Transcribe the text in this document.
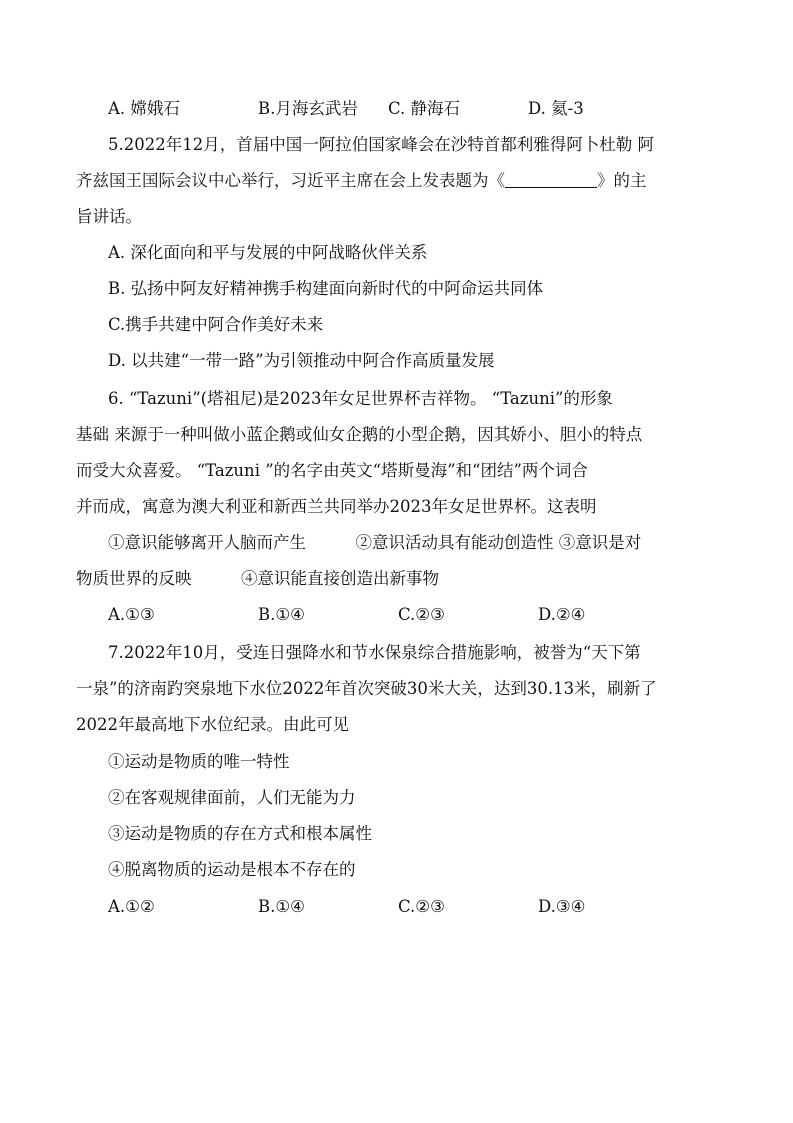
A. 嫦娥石	B.月海玄武岩 C. 静海石	D. 氦-3
5.2022年12月，首届中国一阿拉伯国家峰会在沙特首都利雅得阿卜杜勒 阿
齐兹国王国际会议中心举行，习近平主席在会上发表题为《	》的主
旨讲话。
A. 深化面向和平与发展的中阿战略伙伴关系
B. 弘扬中阿友好精神携手构建面向新时代的中阿命运共同体
C.携手共建中阿合作美好未来
D. 以共建“一带一路”为引领推动中阿合作高质量发展
6. “Tazuni”(塔祖尼)是2023年女足世界杯吉祥物。 “Tazuni”的形象
基础 来源于一种叫做小蓝企鹅或仙女企鹅的小型企鹅，因其娇小、胆小的特点
而受大众喜爱。 “Tazuni ”的名字由英文“塔斯曼海”和“团结”两个词合
并而成，寓意为澳大利亚和新西兰共同举办2023年女足世界杯。这表明
①意识能够离开人脑而产生　　　②意识活动具有能动创造性 ③意识是对
物质世界的反映　　　④意识能直接创造出新事物
A.①③	B.①④	C.②③	D.②④
7.2022年10月，受连日强降水和节水保泉综合措施影响，被誉为“天下第
一泉”的济南趵突泉地下水位2022年首次突破30米大关，达到30.13米，刷新了
2022年最高地下水位纪录。由此可见
①运动是物质的唯一特性
②在客观规律面前，人们无能为力
③运动是物质的存在方式和根本属性
④脱离物质的运动是根本不存在的
A.①②	B.①④	C.②③	D.③④
